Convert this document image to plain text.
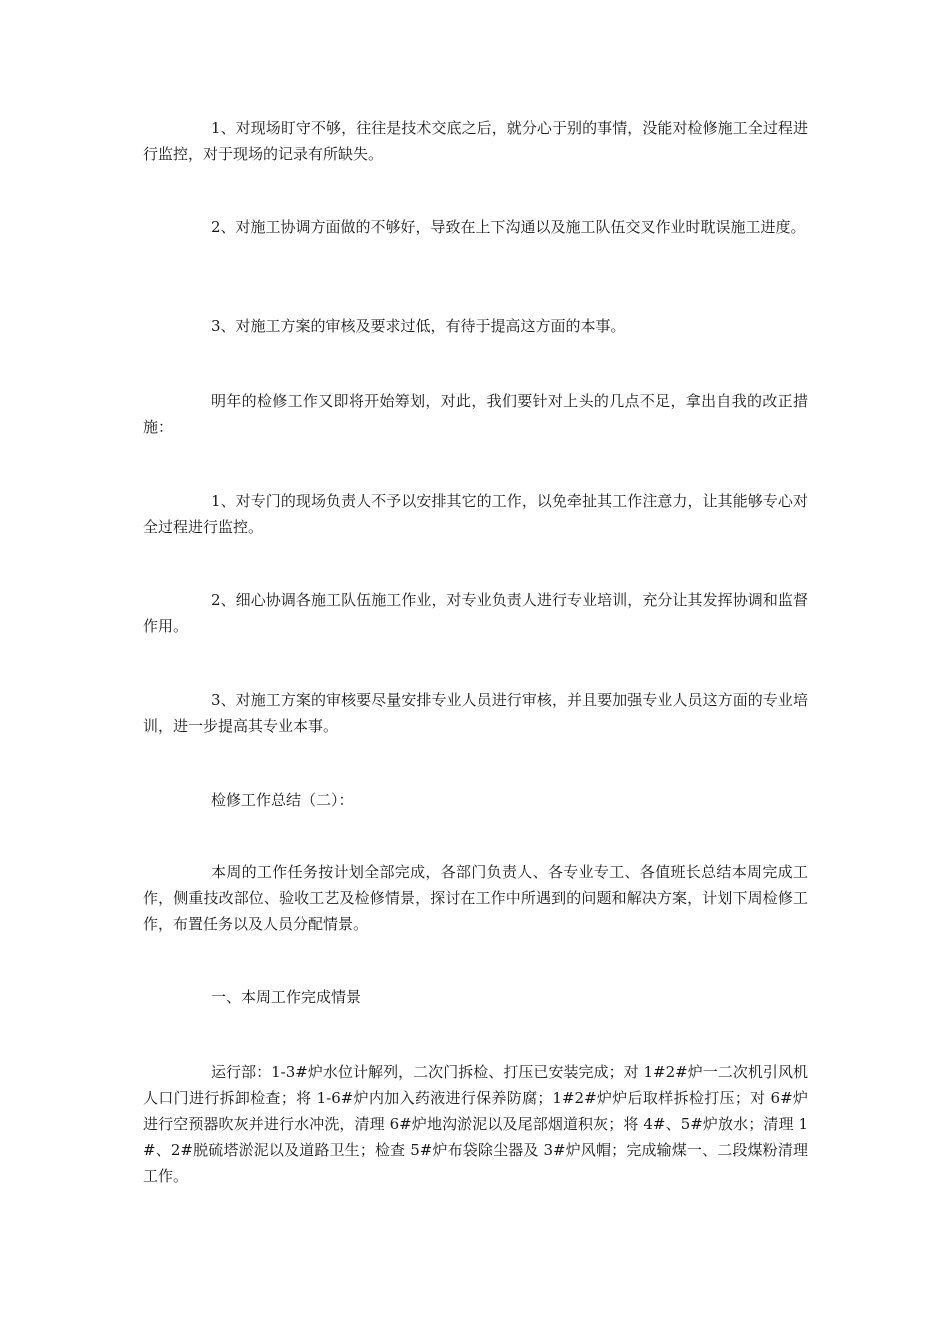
1、对现场盯守不够，往往是技术交底之后，就分心于别的事情，没能对检修施工全过程进行监控，对于现场的记录有所缺失。

2、对施工协调方面做的不够好，导致在上下沟通以及施工队伍交叉作业时耽误施工进度。

3、对施工方案的审核及要求过低，有待于提高这方面的本事。

明年的检修工作又即将开始筹划，对此，我们要针对上头的几点不足，拿出自我的改正措施：

1、对专门的现场负责人不予以安排其它的工作，以免牵扯其工作注意力，让其能够专心对全过程进行监控。

2、细心协调各施工队伍施工作业，对专业负责人进行专业培训，充分让其发挥协调和监督作用。

3、对施工方案的审核要尽量安排专业人员进行审核，并且要加强专业人员这方面的专业培训，进一步提高其专业本事。

检修工作总结（二）：

本周的工作任务按计划全部完成，各部门负责人、各专业专工、各值班长总结本周完成工作，侧重技改部位、验收工艺及检修情景，探讨在工作中所遇到的问题和解决方案，计划下周检修工作，布置任务以及人员分配情景。

一、本周工作完成情景

运行部：1-3#炉水位计解列，二次门拆检、打压已安装完成；对 1#2#炉一二次机引风机人口门进行拆卸检查；将 1-6#炉内加入药液进行保养防腐；1#2#炉炉后取样拆检打压；对 6#炉进行空预器吹灰并进行水冲洗，清理 6#炉地沟淤泥以及尾部烟道积灰；将 4#、5#炉放水；清理 1#、2#脱硫塔淤泥以及道路卫生；检查 5#炉布袋除尘器及 3#炉风帽；完成输煤一、二段煤粉清理工作。
